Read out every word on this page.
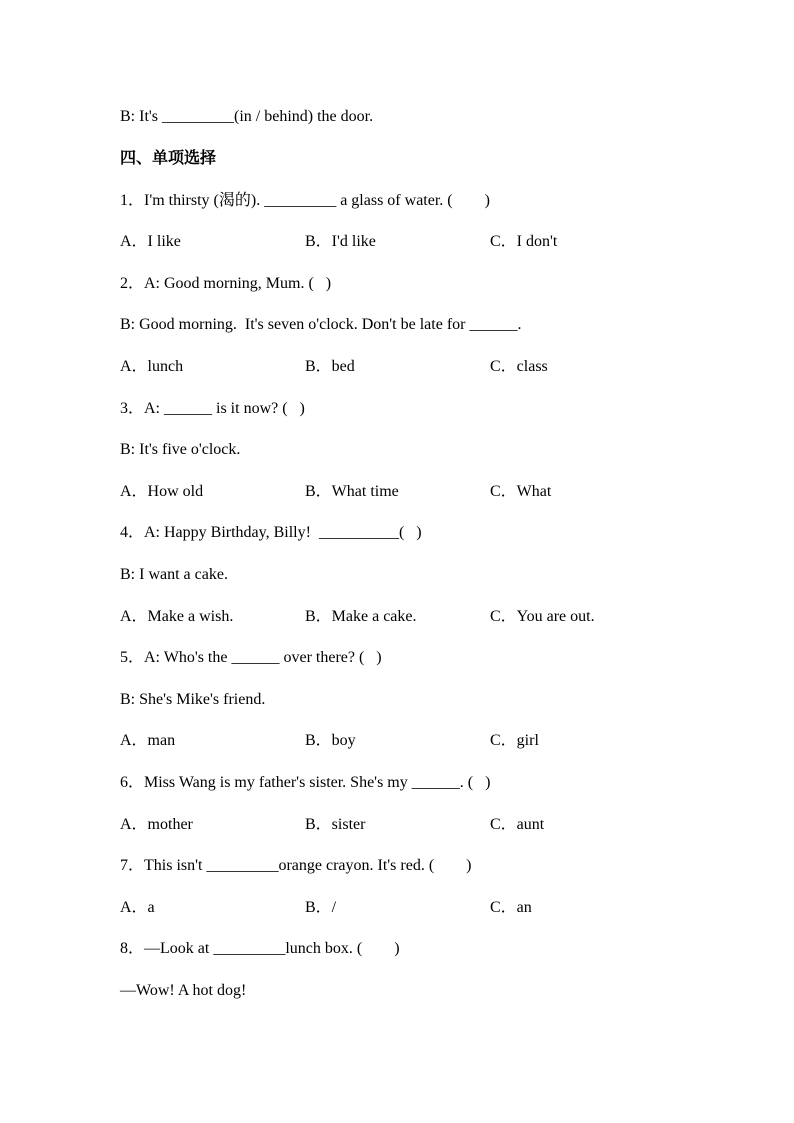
B: It's _________(in / behind) the door.
四、单项选择
1．I'm thirsty (渴的). _________ a glass of water. (        )

A．I like

	B．I'd like

	C．I don't

2．A: Good morning, Mum. (   )
B: Good morning.  It's seven o'clock. Don't be late for ______.

A．lunch

	B．bed

	C．class

3．A: ______ is it now? (   )
B: It's five o'clock.

A．How old

	B．What time

	C．What

4．A: Happy Birthday, Billy!  __________(   )
B: I want a cake.

A．Make a wish.

	B．Make a cake.

	C．You are out.

5．A: Who's the ______ over there? (   )
B: She's Mike's friend.

A．man

	B．boy

	C．girl

6．Miss Wang is my father's sister. She's my ______. (   )

A．mother

	B．sister

	C．aunt

7．This isn't _________orange crayon. It's red. (        )

A．a

	B．/

	C．an

8．—Look at _________lunch box. (        )
—Wow! A hot dog!
